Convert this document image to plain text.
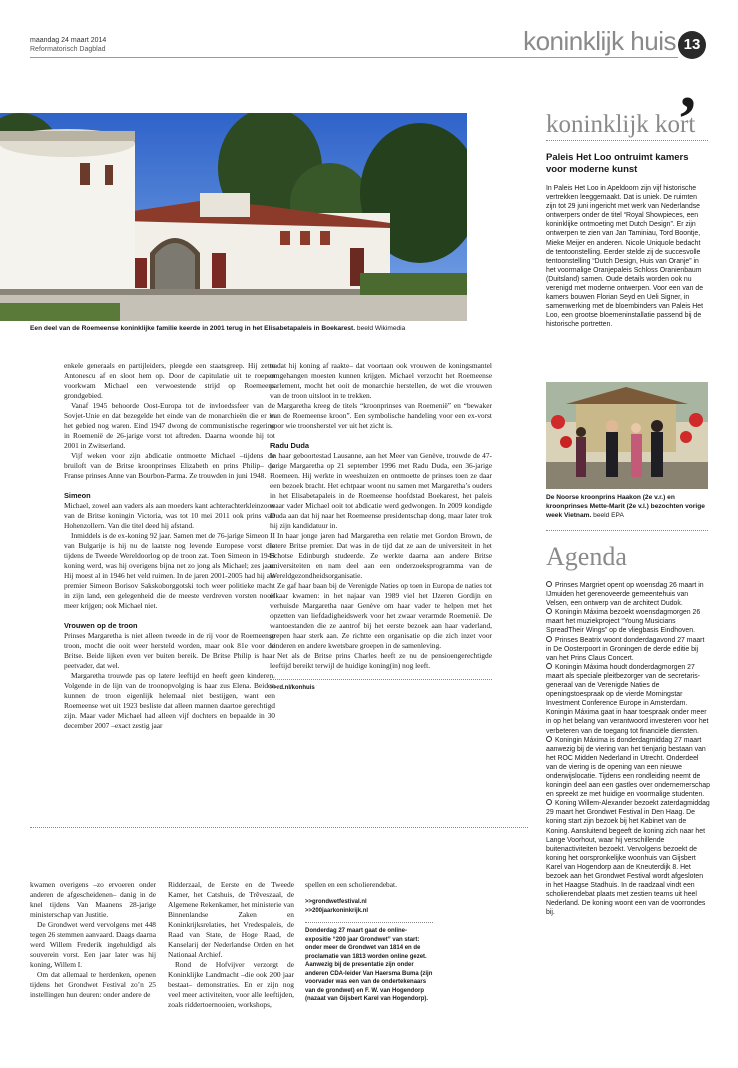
maandag 24 maart 2014
Reformatorisch Dagblad	koninklijk huis 13
,
Een deel van de Roemeense koninklijke familie keerde in 2001 terug in het Elisabetapaleis in Boekarest. beeld Wikimedia

enkele generaals en partijleiders, pleegde een staatsgreep. Hij zette Antonescu af en sloot hem op. Door de capitulatie uit te roepen voorkwam Michael een verwoestende strijd op Roemeens grondgebied.

Vanaf 1945 behoorde Oost-Europa tot de invloedssfeer van de Sovjet-Unie en dat bezegelde het einde van de monarchieën die er in het gebied nog waren. Eind 1947 dwong de communistische regering in Roemenië de 26-jarige vorst tot aftreden. Daarna woonde hij tot 2001 in Zwitserland.

Vijf weken voor zijn abdicatie ontmoette Michael –tijdens de bruiloft van de Britse kroonprinses Elizabeth en prins Philip– de Franse prinses Anne van Bourbon-Parma. Ze trouwden in juni 1948.

Simeon

Michael, zowel aan vaders als aan moeders kant achterachterkleinzoon van de Britse koningin Victoria, was tot 10 mei 2011 ook prins van Hohenzollern. Van die titel deed hij afstand.

Inmiddels is de ex-koning 92 jaar. Samen met de 76-jarige Simeon II van Bulgarije is hij nu de laatste nog levende Europese vorst die tijdens de Tweede Wereldoorlog op de troon zat. Toen Simeon in 1943 koning werd, was hij overigens bijna net zo jong als Michael; zes jaar. Hij moest al in 1946 het veld ruimen. In de jaren 2001-2005 had hij als premier Simeon Borisov Sakskoborggotski toch weer politieke macht in zijn land, een gelegenheid die de meeste verdreven vorsten nooit meer krijgen; ook Michael niet.

Vrouwen op de troon

Prinses Margaretha is niet alleen tweede in de rij voor de Roemeense troon, mocht die ooit weer hersteld worden, maar ook 81e voor de Britse. Beide lijken even ver buiten bereik. De Britse Philip is haar peetvader, dat wel.

Margaretha trouwde pas op latere leeftijd en heeft geen kinderen. Volgende in de lijn van de troonopvolging is haar zus Elena. Beiden kunnen de troon eigenlijk helemaal niet bestijgen, want een Roemeense wet uit 1923 besliste dat alleen mannen daartoe gerechtigd zijn. Maar vader Michael had alleen vijf dochters en bepaalde in 30 december 2007 –exact zestig jaar

nadat hij koning af raakte– dat voortaan ook vrouwen de koningsmantel omgehangen moesten kunnen krijgen. Michael verzocht het Roemeense parlement, mocht het ooit de monarchie herstellen, de wet die vrouwen van de troon uitsloot in te trekken.

Margaretha kreeg de titels “kroonprinses van Roemenië” en “bewaker van de Roemeense kroon”. Een symbolische handeling voor een ex-vorst voor wie troonsherstel ver uit het zicht is.

Radu Duda

In haar geboortestad Lausanne, aan het Meer van Genève, trouwde de 47-jarige Margaretha op 21 september 1996 met Radu Duda, een 36-jarige Roemeen. Hij werkte in weeshuizen en ontmoette de prinses toen ze daar een bezoek bracht. Het echtpaar woont nu samen met Margaretha’s ouders in het Elisabetapaleis in de Roemeense hoofdstad Boekarest, het paleis waar vader Michael ooit tot abdicatie werd gedwongen. In 2009 kondigde Duda aan dat hij naar het Roemeense presidentschap dong, maar later trok hij zijn kandidatuur in.

In haar jonge jaren had Margaretha een relatie met Gordon Brown, de latere Britse premier. Dat was in de tijd dat ze aan de universiteit in het Schotse Edinburgh studeerde. Ze werkte daarna aan andere Britse universiteiten en nam deel aan een onderzoeksprogramma van de Wereldgezondheidsorganisatie.

Ze gaf haar baan bij de Verenigde Naties op toen in Europa de naties tot elkaar kwamen: in het najaar van 1989 viel het IJzeren Gordijn en verhuisde Margaretha naar Genève om haar vader te helpen met het opzetten van liefdadigheidswerk voor het zwaar verarmde Roemenië. De wantoestanden die ze aantrof bij het eerste bezoek aan haar vaderland, grepen haar sterk aan. Ze richtte een organisatie op die zich inzet voor kinderen en andere kwetsbare groepen in de samenleving.

Net als de Britse prins Charles heeft ze nu de pensioengerechtigde leeftijd bereikt terwijl de huidige koning(in) nog leeft.

>>rd.nl/konhuis

kwamen overigens –zo ervoeren onder anderen de afgescheidenen– danig in de knel tijdens Van Maanens 28-jarige ministerschap van Justitie.

De Grondwet werd vervolgens met 448 tegen 26 stemmen aanvaard. Daags daarna werd Willem Frederik ingehuldigd als souverein vorst. Een jaar later was hij koning, Willem I.

Om dat allemaal te herdenken, openen tijdens het Grondwet Festival zo’n 25 instellingen hun deuren: onder andere de

Ridderzaal, de Eerste en de Tweede Kamer, het Catshuis, de Trêveszaal, de Algemene Rekenkamer, het ministerie van Binnenlandse Zaken en Koninkrijksrelaties, het Vredespaleis, de Raad van State, de Hoge Raad, de Kanselarij der Nederlandse Orden en het Nationaal Archief.

Rond de Hofvijver verzorgt de Koninklijke Landmacht –die ook 200 jaar bestaat– demonstraties. En er zijn nog veel meer activiteiten, voor alle leeftijden, zoals riddertoernooien, workshops,

spellen en een scholierendebat.

>>grondwetfestival.nl
>>200jaarkoninkrijk.nl
Donderdag 27 maart gaat de online-expositie “200 jaar Grondwet” van start: onder meer de Grondwet van 1814 en de proclamatie van 1813 worden online gezet. Aanwezig bij de presentatie zijn onder anderen CDA-leider Van Haersma Buma (zijn voorvader was een van de ondertekenaars van de grondwet) en F. W. van Hogendorp (nazaat van Gijsbert Karel van Hogendorp).
koninklijk kort
Paleis Het Loo ontruimt kamers voor moderne kunst
In Paleis Het Loo in Apeldoorn zijn vijf historische vertrekken leeggemaakt. Dat is uniek. De ruimten zijn tot 29 juni ingericht met werk van Nederlandse ontwerpers onder de titel “Royal Showpieces, een koninklijke ontmoeting met Dutch Design”. Er zijn ontwerpen te zien van Jan Taminiau, Tord Boontje, Mieke Meijer en anderen. Nicole Uniquole bedacht de tentoonstelling. Eerder stelde zij de succesvolle tentoonstelling “Dutch Design, Huis van Oranje” in het voormalige Oranjepaleis Schloss Oranienbaum (Duitsland) samen. Oude details worden ook nu verenigd met moderne ontwerpen. Voor een van de kamers bouwen Florian Seyd en Ueli Signer, in samenwerking met de bloembinders van Paleis Het Loo, een grootse bloemeninstallatie passend bij de historische portretten.
De Noorse kroonprins Haakon (2e v.r.) en kroonprinses Mette-Marit (2e v.l.) bezochten vorige week Vietnam. beeld EPA
Agenda
Prinses Margriet opent op woensdag 26 maart in IJmuiden het gerenoveerde gemeentehuis van Velsen, een ontwerp van de architect Dudok.
Koningin Máxima bezoekt woensdagmorgen 26 maart het muziekproject “Young Musicians SpreadTheir Wings” op de vliegbasis Eindhoven.
Prinses Beatrix woont donderdagavond 27 maart in De Oosterpoort in Groningen de derde editie bij van het Prins Claus Concert.
Koningin Máxima houdt donderdagmorgen 27 maart als speciale pleitbezorger van de secretaris-generaal van de Verenigde Naties de openingstoespraak op de vierde Morningstar Investment Conference Europe in Amsterdam. Koningin Máxima gaat in haar toespraak onder meer in op het belang van verantwoord investeren voor het verbeteren van de toegang tot financiële diensten.
Koningin Máxima is donderdagmiddag 27 maart aanwezig bij de viering van het tienjarig bestaan van het ROC Midden Nederland in Utrecht. Onderdeel van de viering is de opening van een nieuwe onderwijslocatie. Tijdens een rondleiding neemt de koningin deel aan een gastles over ondernemerschap en spreekt ze met huidige en voormalige studenten.
Koning Willem-Alexander bezoekt zaterdagmiddag 29 maart het Grondwet Festival in Den Haag. De koning start zijn bezoek bij het Kabinet van de Koning. Aansluitend begeeft de koning zich naar het Lange Voorhout, waar hij verschillende buitenactiviteiten bezoekt. Vervolgens bezoekt de koning het oorspronkelijke woonhuis van Gijsbert Karel van Hogendorp aan de Kneuterdijk 8. Het bezoek aan het Grondwet Festival wordt afgesloten in het Haagse Stadhuis. In de raadzaal vindt een scholierendebat plaats met zestien teams uit heel Nederland. De koning woont een van de voorrondes bij.
